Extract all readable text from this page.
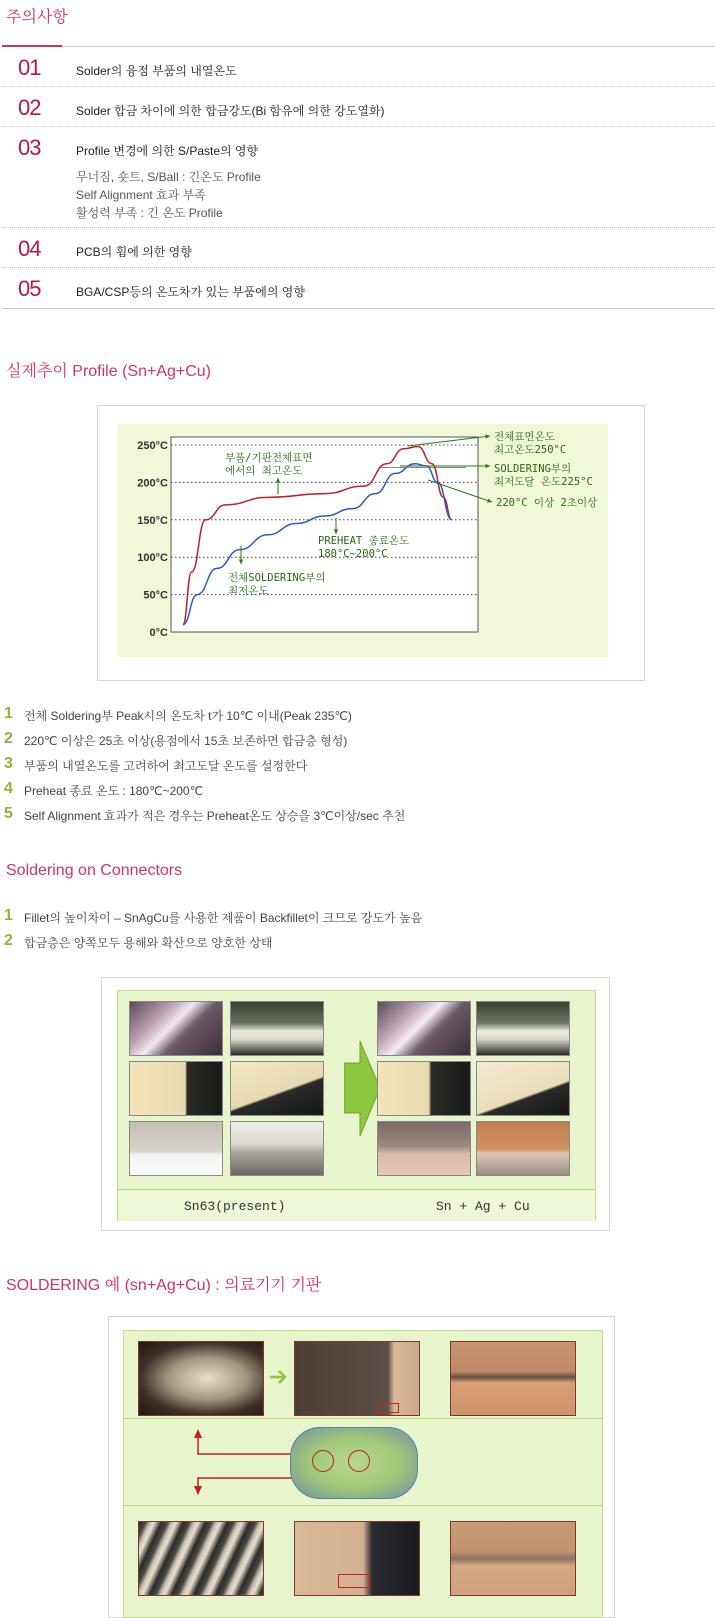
주의사항
01	Solder의 융점 부품의 내열온도
02	Solder 합금 차이에 의한 합금강도(Bi 함유에 의한 강도열화)
03	Profile 변경에 의한 S/Paste의 영향
무너짐, 숏트, S/Ball : 긴온도 Profile
Self Alignment 효과 부족
활성력 부족 : 긴 온도 Profile
04	PCB의 휨에 의한 영향
05	BGA/CSP등의 온도차가 있는 부품에의 영향
실제추이 Profile (Sn+Ag+Cu)
250°C
200°C
150°C
100°C
50°C
0°C
부품/기판전체표면
에서의 최고온도
전체SOLDERING부의
최저온도
PREHEAT 종료온도
180°C~200°C
전체표면온도
최고온도250°C
SOLDERING부의
최저도달 온도225°C
220°C 이상 2초이상
1 전체 Soldering부 Peak시의 온도차 t가 10℃ 이내(Peak 235℃)
2 220℃ 이상은 25초 이상(용점에서 15초 보존하면 합금층 형성)
3 부품의 내열온도를 고려하여 최고도달 온도를 설정한다
4 Preheat 종료 온도 : 180℃~200℃
5 Self Alignment 효과가 적은 경우는 Preheat온도 상승을 3℃이상/sec 추천
Soldering on Connectors
1 Fillet의 높이차이 – SnAgCu를 사용한 제품이 Backfillet이 크므로 강도가 높음
2 합금층은 양쪽모두 용해와 확산으로 양호한 상태
Sn63(present)	Sn + Ag + Cu
SOLDERING 예 (sn+Ag+Cu) : 의료기기 기판
